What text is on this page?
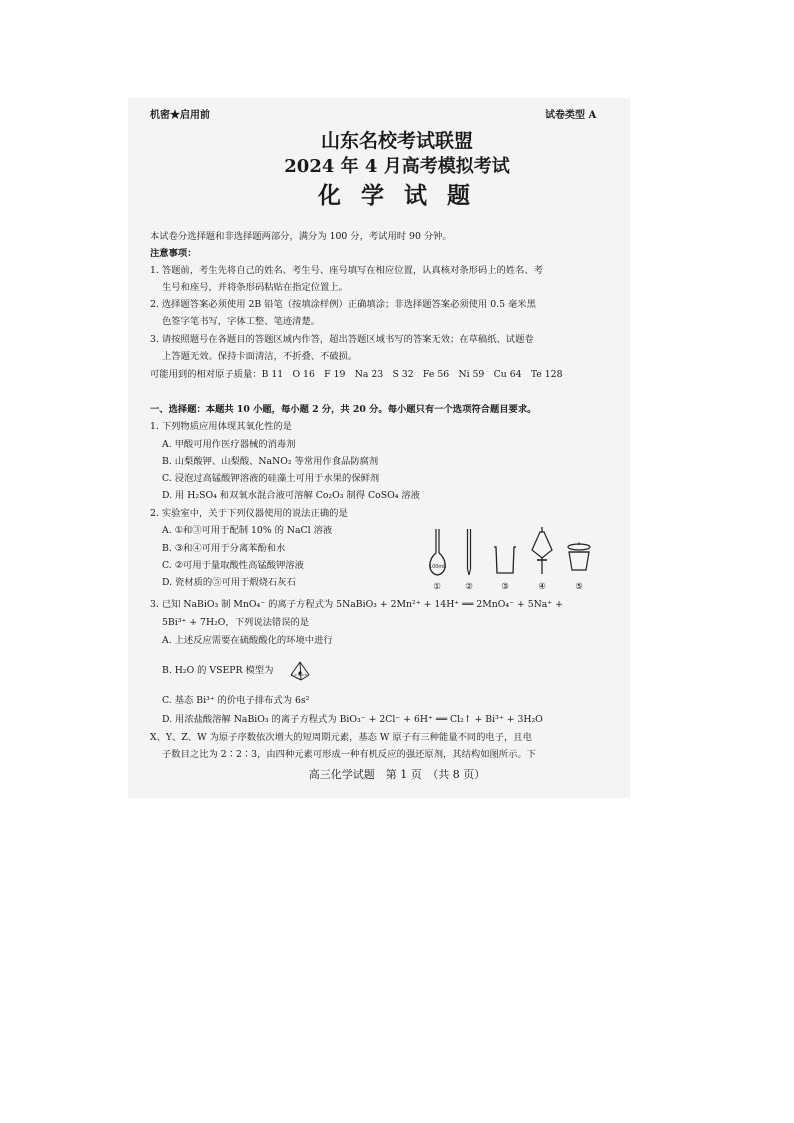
机密★启用前	试卷类型 A
山东名校考试联盟
2024 年 4 月高考模拟考试
化 学 试 题
本试卷分选择题和非选择题两部分，满分为 100 分，考试用时 90 分钟。
注意事项：
1. 答题前，考生先将自己的姓名、考生号、座号填写在相应位置，认真核对条形码上的姓名、考
生号和座号，并将条形码粘贴在指定位置上。
2. 选择题答案必须使用 2B 铅笔（按填涂样例）正确填涂；非选择题答案必须使用 0.5 毫米黑
色签字笔书写，字体工整、笔迹清楚。
3. 请按照题号在各题目的答题区域内作答，超出答题区域书写的答案无效；在草稿纸、试题卷
上答题无效。保持卡面清洁，不折叠、不破损。
可能用到的相对原子质量：B 11　O 16　F 19　Na 23　S 32　Fe 56　Ni 59　Cu 64　Te 128
一、选择题：本题共 10 小题，每小题 2 分，共 20 分。每小题只有一个选项符合题目要求。
1. 下列物质应用体现其氧化性的是
A. 甲酸可用作医疗器械的消毒剂
B. 山梨酸钾、山梨酸、NaNO₂ 等常用作食品防腐剂
C. 浸泡过高锰酸钾溶液的硅藻土可用于水果的保鲜剂
D. 用 H₂SO₄ 和双氧水混合液可溶解 Co₂O₃ 制得 CoSO₄ 溶液
2. 实验室中，关于下列仪器使用的说法正确的是
A. ①和③可用于配制 10% 的 NaCl 溶液
B. ③和④可用于分离苯酚和水
C. ②可用于量取酸性高锰酸钾溶液
D. 瓷材质的⑤可用于煅烧石灰石
100mL
①	②	③	④	⑤
3. 已知 NaBiO₃ 制 MnO₄⁻ 的离子方程式为 5NaBiO₃ + 2Mn²⁺ + 14H⁺ ══ 2MnO₄⁻ + 5Na⁺ +
5Bi³⁺ + 7H₂O，下列说法错误的是
A. 上述反应需要在硫酸酸化的环境中进行
B. H₂O 的 VSEPR 模型为
C. 基态 Bi³⁺ 的价电子排布式为 6s²
D. 用浓盐酸溶解 NaBiO₃ 的离子方程式为 BiO₃⁻ + 2Cl⁻ + 6H⁺ ══ Cl₂↑ + Bi³⁺ + 3H₂O
X、Y、Z、W 为原子序数依次增大的短周期元素，基态 W 原子有三种能量不同的电子，且电
子数目之比为 2∶2∶3，由四种元素可形成一种有机反应的强还原剂，其结构如图所示。下
高三化学试题　第 1 页　（共 8 页）
